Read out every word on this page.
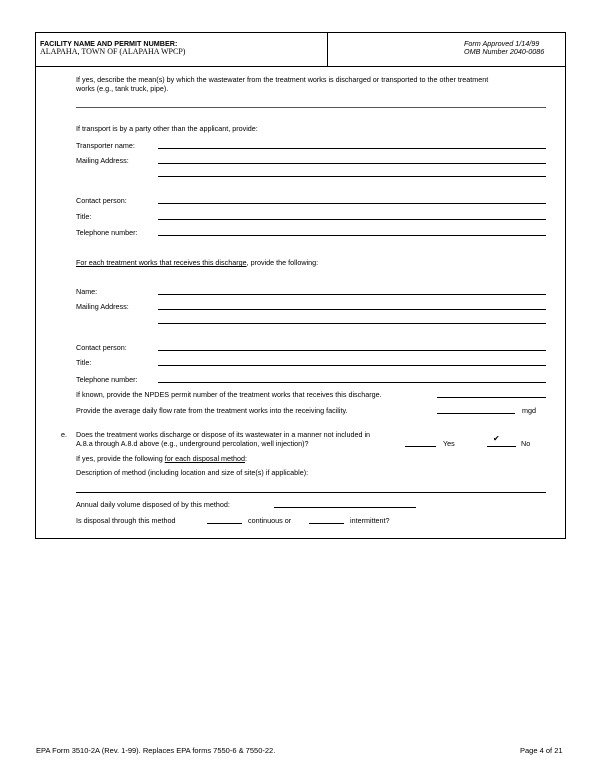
FACILITY NAME AND PERMIT NUMBER:
ALAPAHA, TOWN OF (ALAPAHA WPCP)
Form Approved 1/14/99
OMB Number 2040-0086
If yes, describe the mean(s) by which the wastewater from the treatment works is discharged or transported to the other treatment
works (e.g., tank truck, pipe).
If transport is by a party other than the applicant, provide:
Transporter name:
Mailing Address:
Contact person:
Title:
Telephone number:
For each treatment works that receives this discharge, provide the following:
Name:
Mailing Address:
Contact person:
Title:
Telephone number:
If known, provide the NPDES permit number of the treatment works that receives this discharge.
Provide the average daily flow rate from the treatment works into the receiving facility.	mgd
e. Does the treatment works discharge or dispose of its wastewater in a manner not included in
A.8.a through A.8.d above (e.g., underground percolation, well injection)?	Yes
✔
No
If yes, provide the following for each disposal method:
Description of method (including location and size of site(s) if applicable):
Annual daily volume disposed of by this method:
Is disposal through this method	continuous or	intermittent?
EPA Form 3510-2A (Rev. 1-99). Replaces EPA forms 7550-6 & 7550-22.	Page 4 of 21
